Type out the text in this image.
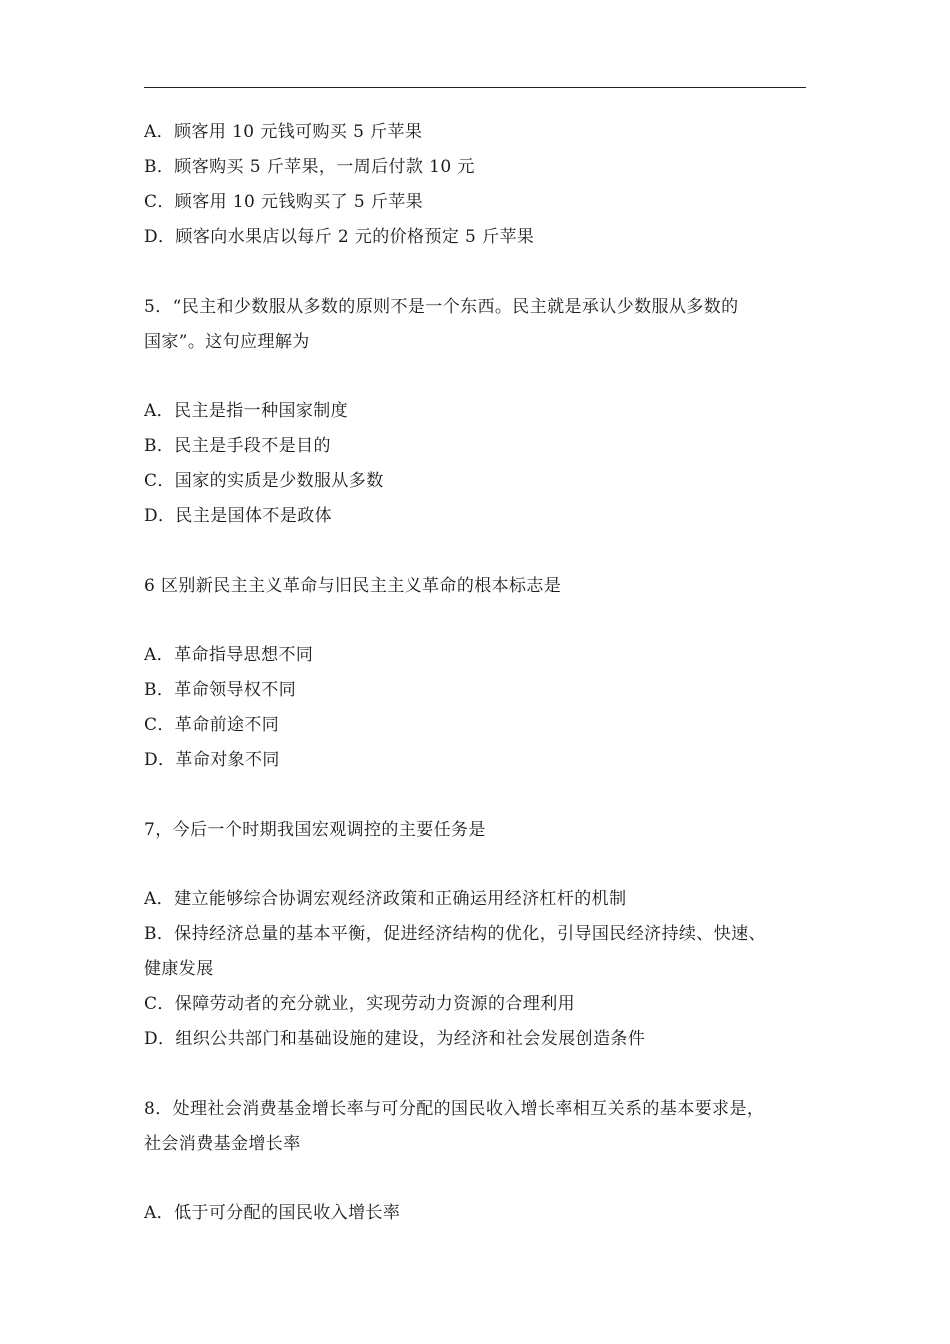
A．顾客用 10 元钱可购买 5 斤苹果
B．顾客购买 5 斤苹果，一周后付款 10 元
C．顾客用 10 元钱购买了 5 斤苹果
D．顾客向水果店以每斤 2 元的价格预定 5 斤苹果
5．“民主和少数服从多数的原则不是一个东西。民主就是承认少数服从多数的
国家”。这句应理解为
A．民主是指一种国家制度
B．民主是手段不是目的
C．国家的实质是少数服从多数
D．民主是国体不是政体
6 区别新民主主义革命与旧民主主义革命的根本标志是
A．革命指导思想不同
B．革命领导权不同
C．革命前途不同
D．革命对象不同
7，今后一个时期我国宏观调控的主要任务是
A．建立能够综合协调宏观经济政策和正确运用经济杠杆的机制
B．保持经济总量的基本平衡，促进经济结构的优化，引导国民经济持续、快速、
健康发展
C．保障劳动者的充分就业，实现劳动力资源的合理利用
D．组织公共部门和基础设施的建设，为经济和社会发展创造条件
8．处理社会消费基金增长率与可分配的国民收入增长率相互关系的基本要求是，
社会消费基金增长率
A．低于可分配的国民收入增长率
